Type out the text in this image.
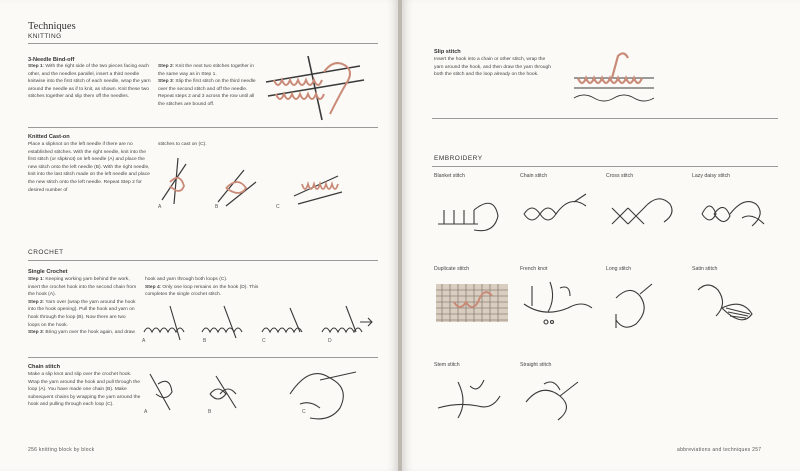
Techniques
KNITTING
3-Needle Bind-off

Step 1: With the right side of the two pieces facing each other, and the needles parallel, insert a third needle knitwise into the first stitch of each needle, wrap the yarn around the needle as if to knit, as shown. Knit these two stitches together and slip them off the needles.

Step 2: Knit the next two stitches together in the same way as in Step 1.

Step 3: Slip the first stitch on the third needle over the second stitch and off the needle.

Repeat steps 2 and 3 across the row until all the stitches are bound off.

Knitted Cast-on
Place a slipknot on the left needle if there are no established stitches. With the right needle, knit into the first stitch (or slipknot) on left needle (A) and place the new stitch onto the left needle (B). With the right needle, knit into the last stitch made on the left needle and place the new stitch onto the left needle. Repeat Step 2 for desired number of
stitches to cast on (C).
A	B	C
CROCHET
Single Crochet

Step 1: Keeping working yarn behind the work, insert the crochet hook into the second chain from the hook (A).

Step 2: Yarn over (wrap the yarn around the hook into the hook opening). Pull the hook and yarn on hook through the loop (B). Now there are two loops on the hook.

Step 3: Bring yarn over the hook again, and draw

hook and yarn through both loops (C).

Step 4: Only one loop remains on the hook (D). This completes the single crochet stitch.

A	B	C	D
Chain stitch
Make a slip knot and slip over the crochet hook. Wrap the yarn around the hook and pull through the loop (A). You have made one chain (B). Make subsequent chains by wrapping the yarn around the hook and pulling through each loop (C).
A	B	C
256 knitting block by block
Slip stitch
Insert the hook into a chain or other stitch, wrap the yarn around the hook, and then draw the yarn through both the stitch and the loop already on the hook.
EMBROIDERY
Blanket stitch	Chain stitch	Cross stitch	Lazy daisy stitch
Duplicate stitch	French knot	Long stitch	Satin stitch
Stem stitch	Straight stitch
abbreviations and techniques 257
